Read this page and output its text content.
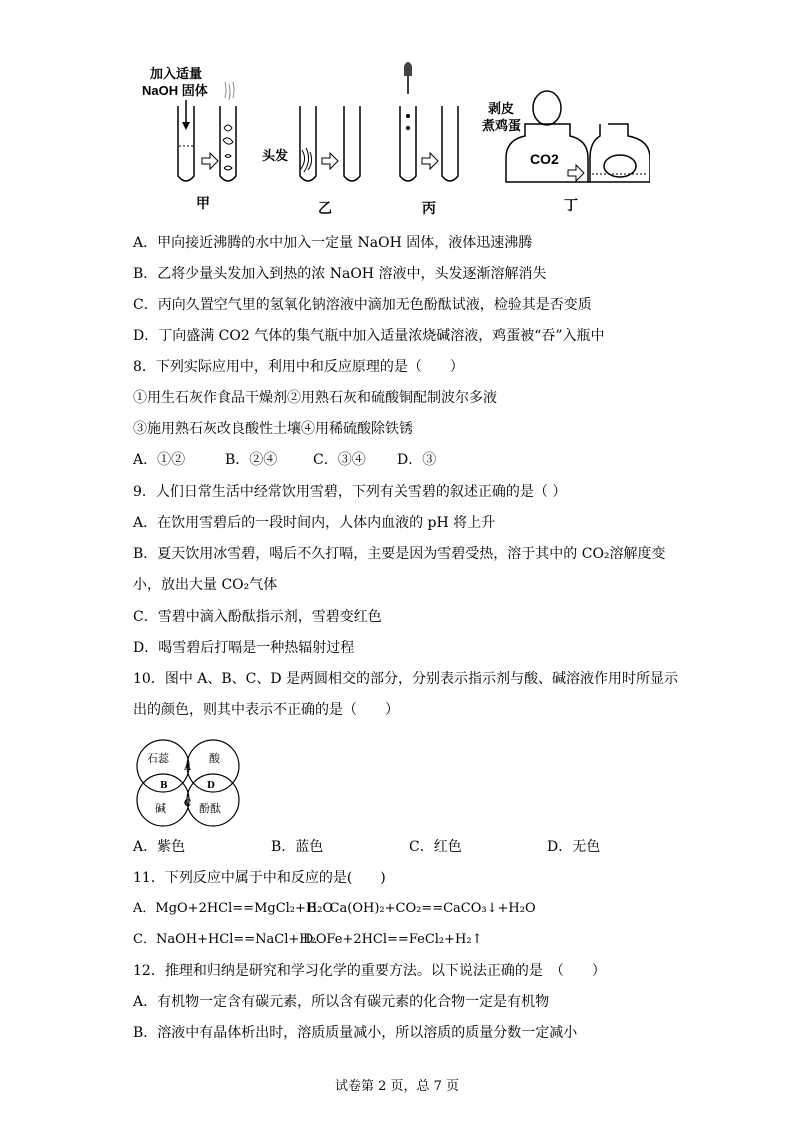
加入适量
NaOH 固体
甲
头发
乙	丙
剥皮
煮鸡蛋
CO2
丁
A．甲向接近沸腾的水中加入一定量 NaOH 固体，液体迅速沸腾
B．乙将少量头发加入到热的浓 NaOH 溶液中，头发逐渐溶解消失
C．丙向久置空气里的氢氧化钠溶液中滴加无色酚酞试液，检验其是否变质
D．丁向盛满 CO2 气体的集气瓶中加入适量浓烧碱溶液，鸡蛋被“吞”入瓶中
8．下列实际应用中，利用中和反应原理的是（　　）
①用生石灰作食品干燥剂②用熟石灰和硫酸铜配制波尔多液
③施用熟石灰改良酸性土壤④用稀硫酸除铁锈
A．①②	B．②④	C．③④ D．③
9．人们日常生活中经常饮用雪碧，下列有关雪碧的叙述正确的是（ ）
A．在饮用雪碧后的一段时间内，人体内血液的 pH 将上升
B．夏天饮用冰雪碧，喝后不久打嗝，主要是因为雪碧受热，溶于其中的 CO₂溶解度变
小，放出大量 CO₂气体
C．雪碧中滴入酚酞指示剂，雪碧变红色
D．喝雪碧后打嗝是一种热辐射过程
10．图中 A、B、C、D 是两圆相交的部分，分别表示指示剂与酸、碱溶液作用时所显示
出的颜色，则其中表示不正确的是（　　）
石蕊	酸
碱	酚酞
A
B
C
D
A．紫色	B．蓝色	C．红色	D．无色
11．下列反应中属于中和反应的是(　　)
A．MgO+2HCl==MgCl₂+H₂O
B．Ca(OH)₂+CO₂==CaCO₃↓+H₂O
C．NaOH+HCl==NaCl+H₂O
D．Fe+2HCl==FeCl₂+H₂↑
12．推理和归纳是研究和学习化学的重要方法。以下说法正确的是　（　　）
A．有机物一定含有碳元素，所以含有碳元素的化合物一定是有机物
B．溶液中有晶体析出时，溶质质量减小，所以溶质的质量分数一定减小
试卷第 2 页，总 7 页
